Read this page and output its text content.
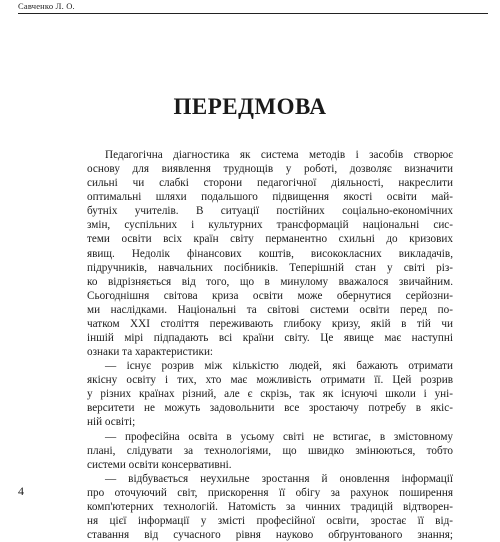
Савченко Л. О.
ПЕРЕДМОВА
Педагогічна діагностика як система методів і засобів створює
основу для виявлення труднощів у роботі, дозволяє визначити
сильні чи слабкі сторони педагогічної діяльності, накреслити
оптимальні шляхи подальшого підвищення якості освіти май-
бутніх учителів. В ситуації постійних соціально-економічних
змін, суспільних і культурних трансформацій національні сис-
теми освіти всіх країн світу перманентно схильні до кризових
явищ. Недолік фінансових коштів, висококласних викладачів,
підручників, навчальних посібників. Теперішній стан у світі різ-
ко відрізняється від того, що в минулому вважалося звичайним.
Сьогоднішня світова криза освіти може обернутися серйозни-
ми наслідками. Національні та світові системи освіти перед по-
чатком XXI століття переживають глибоку кризу, якій в тій чи
іншій мірі підпадають всі країни світу. Це явище має наступні
ознаки та характеристики:
— існує розрив між кількістю людей, які бажають отримати
якісну освіту і тих, хто має можливість отримати її. Цей розрив
у різних країнах різний, але є скрізь, так як існуючі школи і уні-
верситети не можуть задовольнити все зростаючу потребу в якіс-
ній освіті;
— професійна освіта в усьому світі не встигає, в змістовному
плані, слідувати за технологіями, що швидко змінюються, тобто
системи освіти консервативні.
— відбувається неухильне зростання й оновлення інформації
про оточуючий світ, прискорення її обігу за рахунок поширення
комп'ютерних технологій. Натомість за чинних традицій відтворен-
ня цієї інформації у змісті професійної освіти, зростає її від-
ставання від сучасного рівня науково обґрунтованого знання;
4
